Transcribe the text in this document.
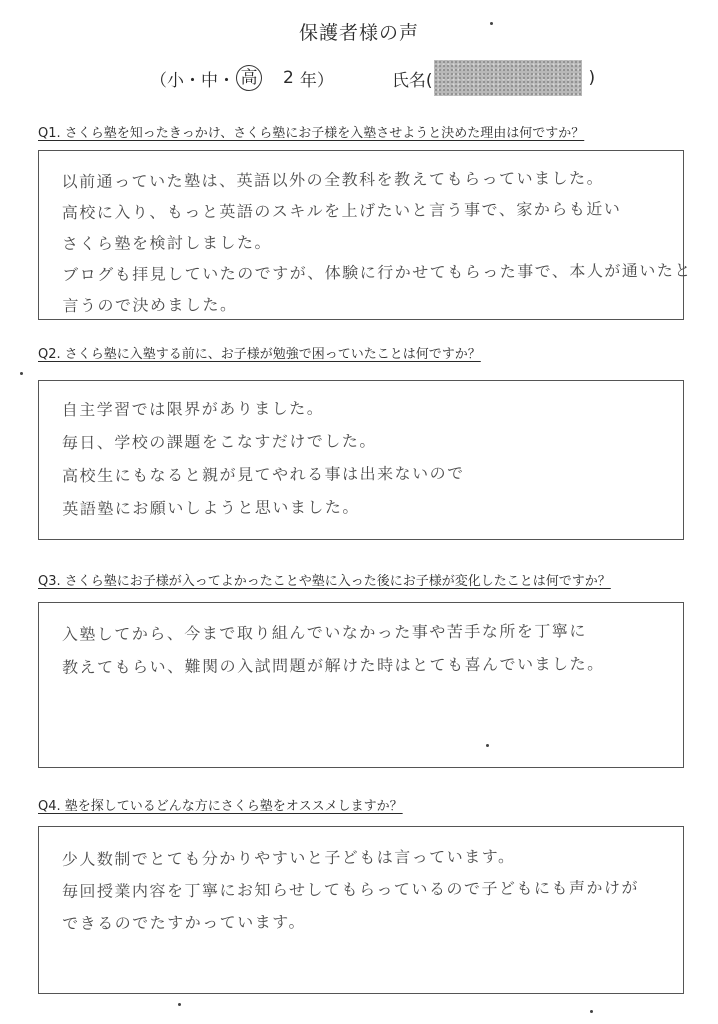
保護者様の声
（小・中・ 高 2 年）	氏名(	)
Q1. さくら塾を知ったきっかけ、さくら塾にお子様を入塾させようと決めた理由は何ですか？
以前通っていた塾は、英語以外の全教科を教えてもらっていました。
高校に入り、もっと英語のスキルを上げたいと言う事で、家からも近い
さくら塾を検討しました。
ブログも拝見していたのですが、体験に行かせてもらった事で、本人が通いたと
言うので決めました。
Q2. さくら塾に入塾する前に、お子様が勉強で困っていたことは何ですか？
自主学習では限界がありました。
毎日、学校の課題をこなすだけでした。
高校生にもなると親が見てやれる事は出来ないので
英語塾にお願いしようと思いました。
Q3. さくら塾にお子様が入ってよかったことや塾に入った後にお子様が変化したことは何ですか？
入塾してから、今まで取り組んでいなかった事や苦手な所を丁寧に
教えてもらい、難関の入試問題が解けた時はとても喜んでいました。
Q4. 塾を探しているどんな方にさくら塾をオススメしますか？
少人数制でとても分かりやすいと子どもは言っています。
毎回授業内容を丁寧にお知らせしてもらっているので子どもにも声かけが
できるのでたすかっています。
